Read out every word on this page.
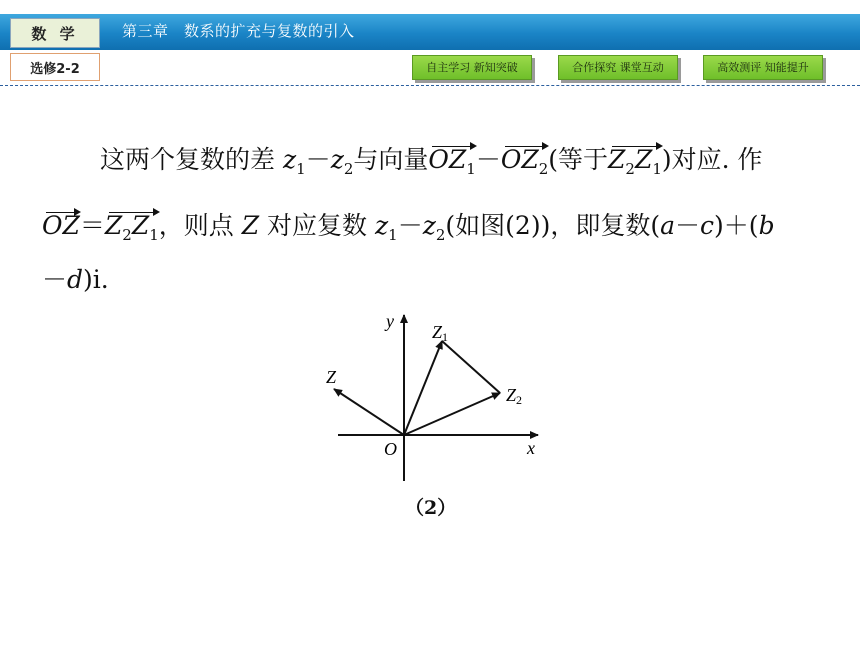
第三章　数系的扩充与复数的引入
数 学
选修2-2	自主学习 新知突破	合作探究 课堂互动	高效测评 知能提升
这两个复数的差 $z_1-z_2$与向量$OZ_1-OZ_2$(等于$Z_2Z_1$)对应. 作
$OZ=Z_2Z_1$，则点 Z 对应复数 $z_1-z_2$(如图(2))，即复数(a－c)＋(b
－d)i.
y
x
O
Z
Z1
Z2
（2）
